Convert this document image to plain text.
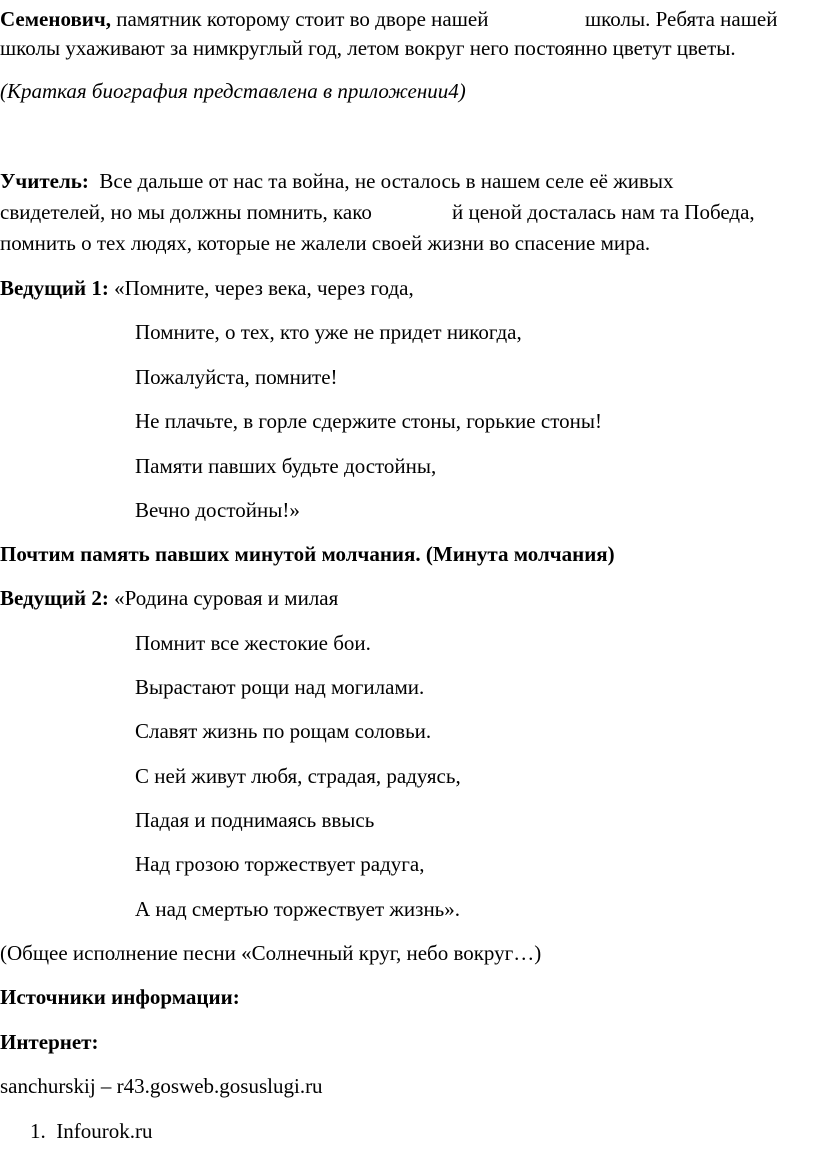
Семенович, памятник которому стоит во дворе нашей	школы. Ребята нашей
школы ухаживают за нимкруглый год, летом вокруг него постоянно цветут цветы.
(Краткая биография представлена в приложении4)
Учитель: Все дальше от нас та война, не осталось в нашем селе её живых
свидетелей, но мы должны помнить, како	й ценой досталась нам та Победа,
помнить о тех людях, которые не жалели своей жизни во спасение мира.
Ведущий 1: «Помните, через века, через года,
Помните, о тех, кто уже не придет никогда,
Пожалуйста, помните!
Не плачьте, в горле сдержите стоны, горькие стоны!
Памяти павших будьте достойны,
Вечно достойны!»
Почтим память павших минутой молчания. (Минута молчания)
Ведущий 2: «Родина суровая и милая
Помнит все жестокие бои.
Вырастают рощи над могилами.
Славят жизнь по рощам соловьи.
С ней живут любя, страдая, радуясь,
Падая и поднимаясь ввысь
Над грозою торжествует радуга,
А над смертью торжествует жизнь».
(Общее исполнение песни «Солнечный круг, небо вокруг…)
Источники информации:
Интернет:
sanchurskij – r43.gosweb.gosuslugi.ru
1. Infourok.ru
